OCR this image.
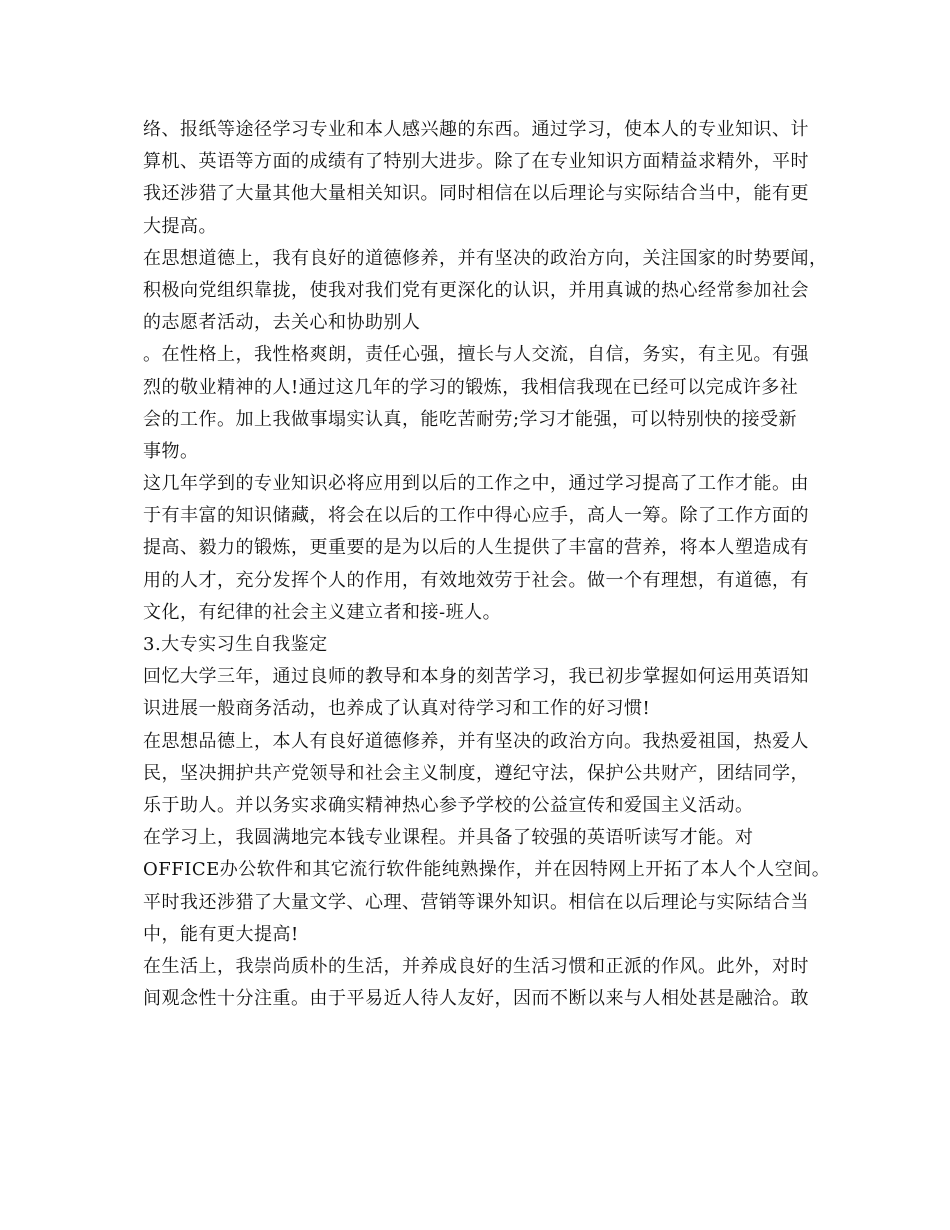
络、报纸等途径学习专业和本人感兴趣的东西。通过学习，使本人的专业知识、计
算机、英语等方面的成绩有了特别大进步。除了在专业知识方面精益求精外，平时
我还涉猎了大量其他大量相关知识。同时相信在以后理论与实际结合当中，能有更
大提高。
在思想道德上，我有良好的道德修养，并有坚决的政治方向，关注国家的时势要闻，
积极向党组织靠拢，使我对我们党有更深化的认识，并用真诚的热心经常参加社会
的志愿者活动，去关心和协助别人
。在性格上，我性格爽朗，责任心强，擅长与人交流，自信，务实，有主见。有强
烈的敬业精神的人!通过这几年的学习的锻炼，我相信我现在已经可以完成许多社
会的工作。加上我做事塌实认真，能吃苦耐劳;学习才能强，可以特别快的接受新
事物。
这几年学到的专业知识必将应用到以后的工作之中，通过学习提高了工作才能。由
于有丰富的知识储藏，将会在以后的工作中得心应手，高人一筹。除了工作方面的
提高、毅力的锻炼，更重要的是为以后的人生提供了丰富的营养，将本人塑造成有
用的人才，充分发挥个人的作用，有效地效劳于社会。做一个有理想，有道德，有
文化，有纪律的社会主义建立者和接-班人。
3.大专实习生自我鉴定
回忆大学三年，通过良师的教导和本身的刻苦学习，我已初步掌握如何运用英语知
识进展一般商务活动，也养成了认真对待学习和工作的好习惯!
在思想品德上，本人有良好道德修养，并有坚决的政治方向。我热爱祖国，热爱人
民，坚决拥护共产党领导和社会主义制度，遵纪守法，保护公共财产，团结同学，
乐于助人。并以务实求确实精神热心参予学校的公益宣传和爱国主义活动。
在学习上，我圆满地完本钱专业课程。并具备了较强的英语听读写才能。对
OFFICE办公软件和其它流行软件能纯熟操作，并在因特网上开拓了本人个人空间。
平时我还涉猎了大量文学、心理、营销等课外知识。相信在以后理论与实际结合当
中，能有更大提高!
在生活上，我崇尚质朴的生活，并养成良好的生活习惯和正派的作风。此外，对时
间观念性十分注重。由于平易近人待人友好，因而不断以来与人相处甚是融洽。敢
